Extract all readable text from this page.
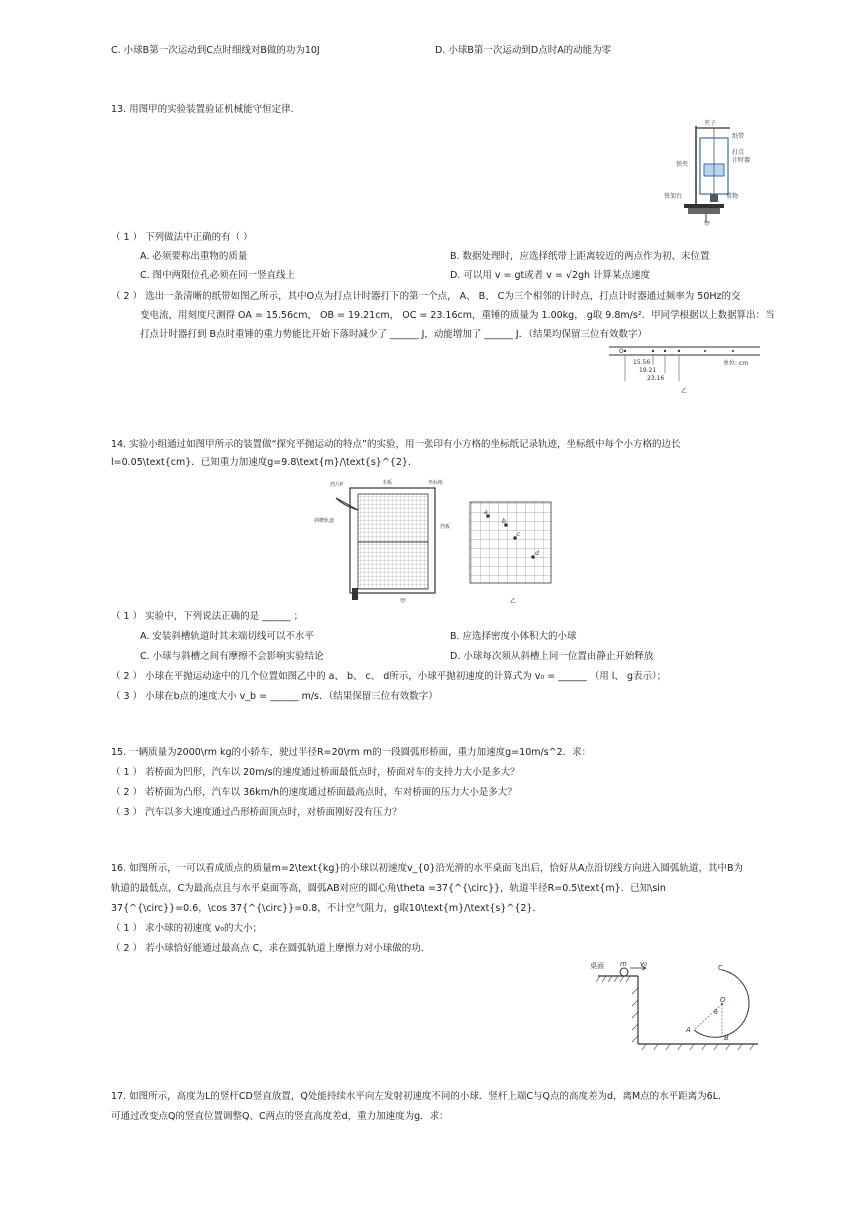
C. 小球B第一次运动到C点时细线对B做的功为10J	D. 小球B第一次运动到D点时A的动能为零
13. 用图甲的实验装置验证机械能守恒定律.
夹子
纸带
打点
计时器
铁夹
铁架台	重物
甲
（ 1 ） 下列做法中正确的有（ ）
A. 必须要称出重物的质量	B. 数据处理时，应选择纸带上距离较近的两点作为初、末位置
C. 图中两限位孔必须在同一竖直线上	D. 可以用 v = gt或者 v = √2gh 计算某点速度
（ 2 ） 选出一条清晰的纸带如图乙所示，其中O点为打点计时器打下的第一个点， A、 B、 C为三个相邻的计时点，打点计时器通过频率为 50Hz的交
变电流，用刻度尺测得 OA = 15.56cm， OB = 19.21cm， OC = 23.16cm，重锤的质量为 1.00kg， g取 9.8m/s²．甲同学根据以上数据算出：当
打点计时器打到 B点时重锤的重力势能比开始下落时减少了 ______ J，动能增加了 ______ J．（结果均保留三位有效数字）
O
15.56
19.21
23.16
单位: cm
乙
14. 实验小组通过如图甲所示的装置做“探究平抛运动的特点”的实验，用一张印有小方格的坐标纸记录轨迹，坐标纸中每个小方格的边长
l=0.05\text{cm}．已知重力加速度g=9.8\text{m}/\text{s}^{2}．
挡片P	木板	坐标纸
斜槽轨道
挡板
甲
a
b
c
d
乙
（ 1 ） 实验中，下列说法正确的是 ______ ；
A. 安装斜槽轨道时其末端切线可以不水平	B. 应选择密度小体积大的小球
C. 小球与斜槽之间有摩擦不会影响实验结论	D. 小球每次须从斜槽上同一位置由静止开始释放
（ 2 ） 小球在平抛运动途中的几个位置如图乙中的 a、 b、 c、 d所示，小球平抛初速度的计算式为 v₀ = ______ （用 l、 g表示）；
（ 3 ） 小球在b点的速度大小 v_b = ______ m/s．（结果保留三位有效数字）
15. 一辆质量为2000\rm kg的小轿车，驶过半径R=20\rm m的一段圆弧形桥面，重力加速度g=10m/s^2．求：
（ 1 ） 若桥面为凹形，汽车以 20m/s的速度通过桥面最低点时，桥面对车的支持力大小是多大？
（ 2 ） 若桥面为凸形，汽车以 36km/h的速度通过桥面最高点时，车对桥面的压力大小是多大？
（ 3 ） 汽车以多大速度通过凸形桥面顶点时，对桥面刚好没有压力？
16. 如图所示，一可以看成质点的质量m=2\text{kg}的小球以初速度v_{0}沿光滑的水平桌面飞出后，恰好从A点沿切线方向进入圆弧轨道，其中B为
轨道的最低点，C为最高点且与水平桌面等高，圆弧AB对应的圆心角\theta =37{^{\circ}}，轨道半径R=0.5\text{m}．已知\sin
37{^{\circ}}=0.6，\cos 37{^{\circ}}=0.8，不计空气阻力，g取10\text{m}/\text{s}^{2}．
（ 1 ） 求小球的初速度 v₀的大小；
（ 2 ） 若小球恰好能通过最高点 C，求在圆弧轨道上摩擦力对小球做的功．
桌面 m v₀	C
O
θ
A
B
17. 如图所示，高度为L的竖杆CD竖直放置，Q处能持续水平向左发射初速度不同的小球．竖杆上端C与Q点的高度差为d，离M点的水平距离为6L．
可通过改变点Q的竖直位置调整Q、C两点的竖直高度差d，重力加速度为g．求：
